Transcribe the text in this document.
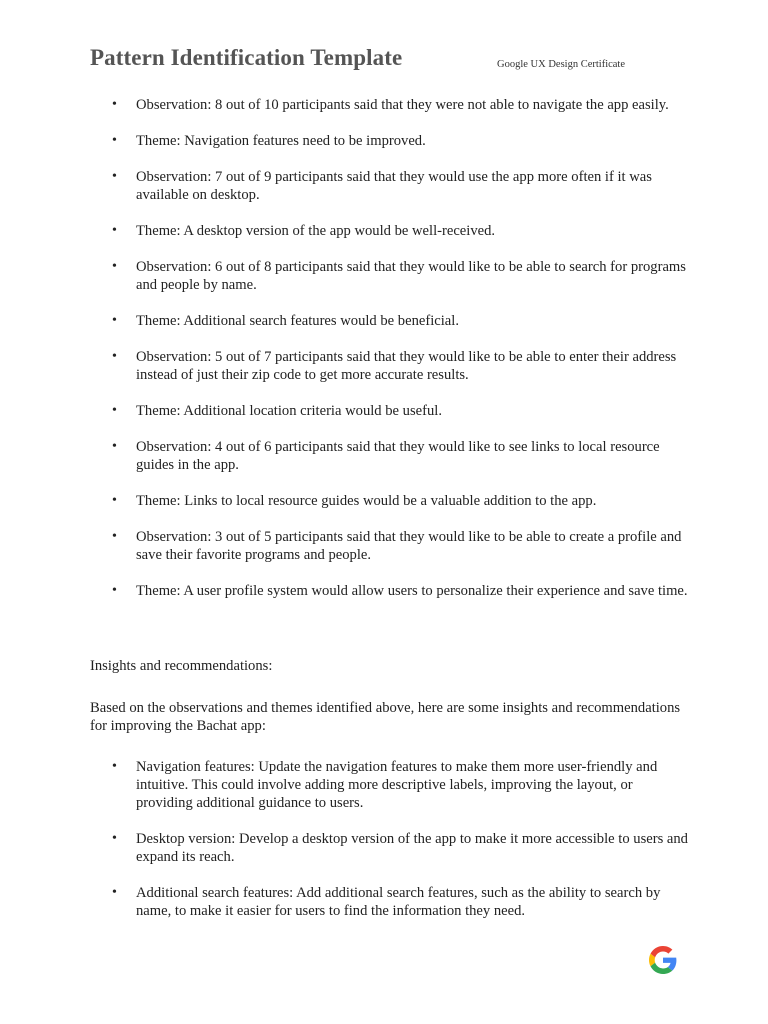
Pattern Identification Template	Google UX Design Certificate
• Observation: 8 out of 10 participants said that they were not able to navigate the app easily.
• Theme: Navigation features need to be improved.
• Observation: 7 out of 9 participants said that they would use the app more often if it was available on desktop.
• Theme: A desktop version of the app would be well-received.
• Observation: 6 out of 8 participants said that they would like to be able to search for programs and people by name.
• Theme: Additional search features would be beneficial.
• Observation: 5 out of 7 participants said that they would like to be able to enter their address instead of just their zip code to get more accurate results.
• Theme: Additional location criteria would be useful.
• Observation: 4 out of 6 participants said that they would like to see links to local resource guides in the app.
• Theme: Links to local resource guides would be a valuable addition to the app.
• Observation: 3 out of 5 participants said that they would like to be able to create a profile and save their favorite programs and people.
• Theme: A user profile system would allow users to personalize their experience and save time.

Insights and recommendations:

Based on the observations and themes identified above, here are some insights and recommendations for improving the Bachat app:

• Navigation features: Update the navigation features to make them more user-friendly and intuitive. This could involve adding more descriptive labels, improving the layout, or providing additional guidance to users.
• Desktop version: Develop a desktop version of the app to make it more accessible to users and expand its reach.
• Additional search features: Add additional search features, such as the ability to search by name, to make it easier for users to find the information they need.
